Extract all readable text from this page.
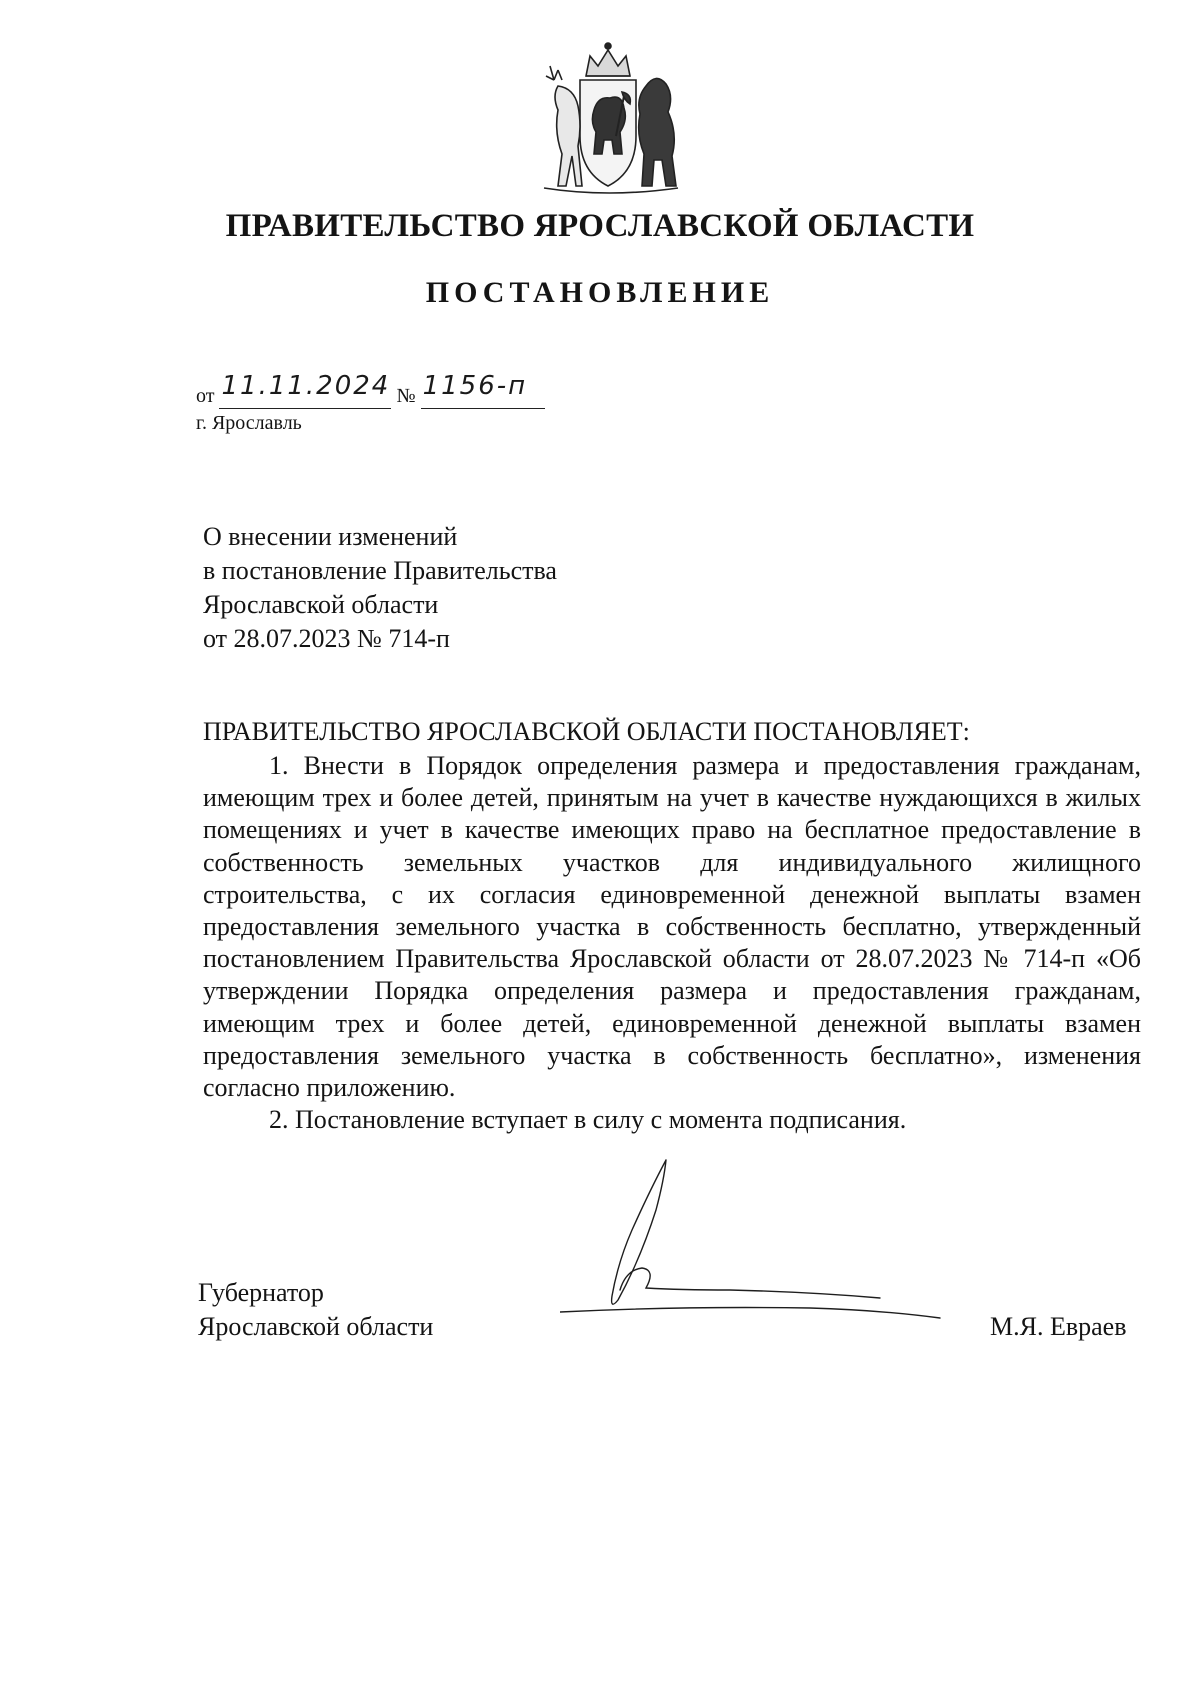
ПРАВИТЕЛЬСТВО ЯРОСЛАВСКОЙ ОБЛАСТИ
ПОСТАНОВЛЕНИЕ
от 11.11.2024 № 1156-п
г. Ярославль
О внесении изменений
в постановление Правительства
Ярославской области
от 28.07.2023 № 714-п
ПРАВИТЕЛЬСТВО ЯРОСЛАВСКОЙ ОБЛАСТИ ПОСТАНОВЛЯЕТ:

1. Внести в Порядок определения размера и предоставления гражданам, имеющим трех и более детей, принятым на учет в качестве нуждающихся в жилых помещениях и учет в качестве имеющих право на бесплатное предоставление в собственность земельных участков для индивидуального жилищного строительства, с их согласия единовременной денежной выплаты взамен предоставления земельного участка в собственность бесплатно, утвержденный постановлением Правительства Ярославской области от 28.07.2023 № 714-п «Об утверждении Порядка определения размера и предоставления гражданам, имеющим трех и более детей, единовременной денежной выплаты взамен предоставления земельного участка в собственность бесплатно», изменения согласно приложению.

2. Постановление вступает в силу с момента подписания.

Губернатор
Ярославской области	М.Я. Евраев
